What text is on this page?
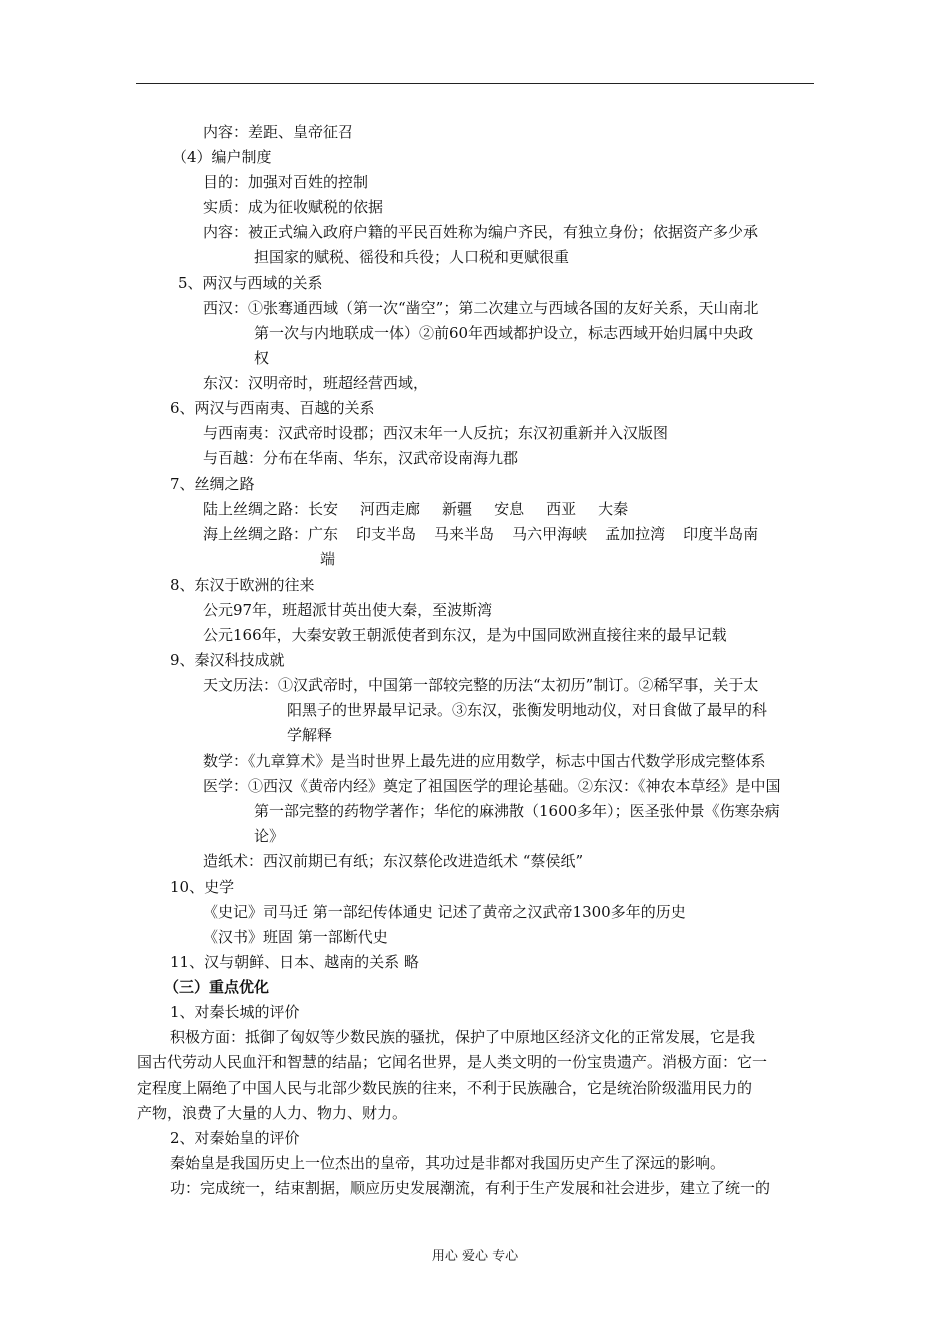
内容：差距、皇帝征召
（4）编户制度
目的：加强对百姓的控制
实质：成为征收赋税的依据
内容：被正式编入政府户籍的平民百姓称为编户齐民，有独立身份；依据资产多少承
担国家的赋税、徭役和兵役；人口税和更赋很重
5、两汉与西域的关系
西汉：①张骞通西域（第一次“凿空”；第二次建立与西域各国的友好关系，天山南北
第一次与内地联成一体）②前60年西域都护设立，标志西域开始归属中央政
权
东汉：汉明帝时，班超经营西域，
6、两汉与西南夷、百越的关系
与西南夷：汉武帝时设郡；西汉末年一人反抗；东汉初重新并入汉版图
与百越：分布在华南、华东，汉武帝设南海九郡
7、丝绸之路
陆上丝绸之路：长安 河西走廊 新疆 安息 西亚 大秦
海上丝绸之路：广东 印支半岛 马来半岛 马六甲海峡 孟加拉湾 印度半岛南
端
8、东汉于欧洲的往来
公元97年，班超派甘英出使大秦，至波斯湾
公元166年，大秦安敦王朝派使者到东汉，是为中国同欧洲直接往来的最早记载
9、秦汉科技成就
天文历法：①汉武帝时，中国第一部较完整的历法“太初历”制订。②稀罕事，关于太
阳黑子的世界最早记录。③东汉，张衡发明地动仪，对日食做了最早的科
学解释
数学：《九章算术》是当时世界上最先进的应用数学，标志中国古代数学形成完整体系
医学：①西汉《黄帝内经》奠定了祖国医学的理论基础。②东汉：《神农本草经》是中国
第一部完整的药物学著作；华佗的麻沸散（1600多年）；医圣张仲景《伤寒杂病
论》
造纸术：西汉前期已有纸；东汉蔡伦改进造纸术 “蔡侯纸”
10、史学
《史记》司马迁 第一部纪传体通史 记述了黄帝之汉武帝1300多年的历史
《汉书》班固 第一部断代史
11、汉与朝鲜、日本、越南的关系 略
（三）重点优化
1、对秦长城的评价
积极方面：抵御了匈奴等少数民族的骚扰，保护了中原地区经济文化的正常发展，它是我
国古代劳动人民血汗和智慧的结晶；它闻名世界，是人类文明的一份宝贵遗产。消极方面：它一
定程度上隔绝了中国人民与北部少数民族的往来，不利于民族融合，它是统治阶级滥用民力的
产物，浪费了大量的人力、物力、财力。
2、对秦始皇的评价
秦始皇是我国历史上一位杰出的皇帝，其功过是非都对我国历史产生了深远的影响。
功：完成统一，结束割据，顺应历史发展潮流，有利于生产发展和社会进步，建立了统一的
用心 爱心 专心
